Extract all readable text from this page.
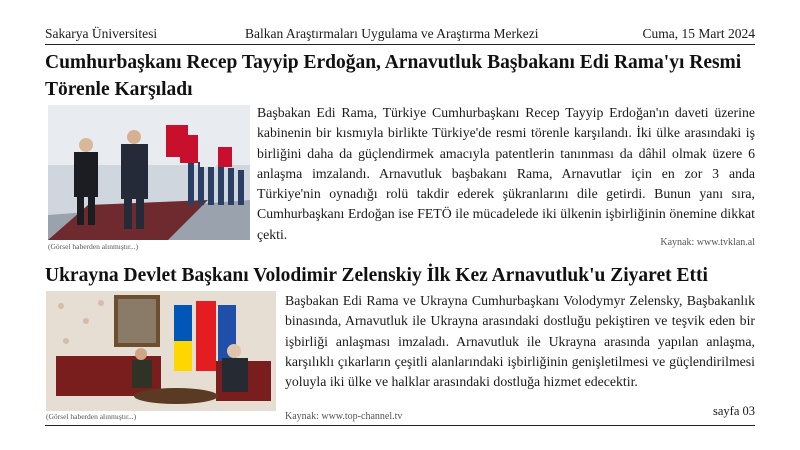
Sakarya Üniversitesi	Balkan Araştırmaları Uygulama ve Araştırma Merkezi	Cuma, 15 Mart 2024
Cumhurbaşkanı Recep Tayyip Erdoğan, Arnavutluk Başbakanı Edi Rama'yı Resmi Törenle Karşıladı
(Görsel haberden alınmıştır...)

Başbakan Edi Rama, Türkiye Cumhurbaşkanı Recep Tayyip Erdoğan'ın daveti üzerine kabinenin bir kısmıyla birlikte Türkiye'de resmi törenle karşılandı. İki ülke arasındaki iş birliğini daha da güçlendirmek amacıyla patentlerin tanınması da dâhil olmak üzere 6 anlaşma imzalandı. Arnavutluk başbakanı Rama, Arnavutlar için en zor 3 anda Türkiye'nin oynadığı rolü takdir ederek şükranlarını dile getirdi. Bunun yanı sıra, Cumhurbaşkanı Erdoğan ise FETÖ ile mücadelede iki ülkenin işbirliğinin önemine dikkat çekti.

Kaynak: www.tvklan.al
Ukrayna Devlet Başkanı Volodimir Zelenskiy İlk Kez Arnavutluk'u Ziyaret Etti
(Görsel haberden alınmıştır...)

Başbakan Edi Rama ve Ukrayna Cumhurbaşkanı Volodymyr Zelensky, Başbakanlık binasında, Arnavutluk ile Ukrayna arasındaki dostluğu pekiştiren ve teşvik eden bir işbirliği anlaşması imzaladı. Arnavutluk ile Ukrayna arasında yapılan anlaşma, karşılıklı çıkarların çeşitli alanlarındaki işbirliğinin genişletilmesi ve güçlendirilmesi yoluyla iki ülke ve halklar arasındaki dostluğa hizmet edecektir.

Kaynak: www.top-channel.tv	sayfa 03
